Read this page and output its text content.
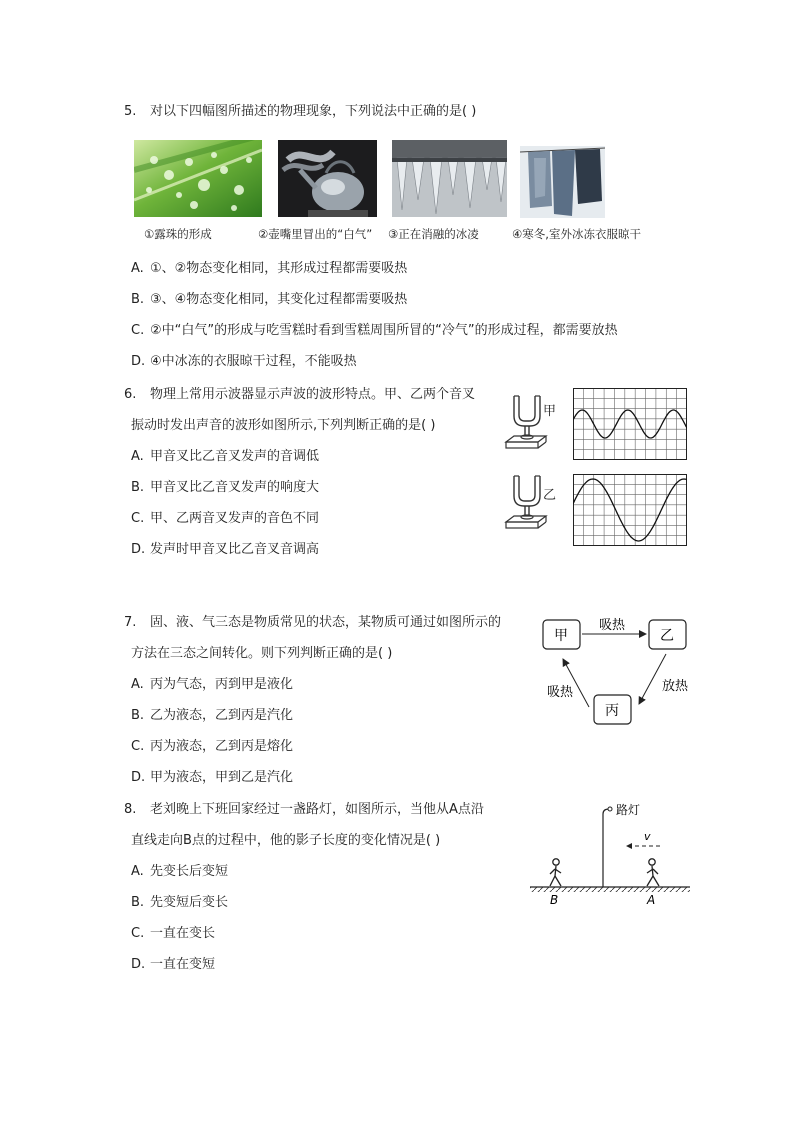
5. 对以下四幅图所描述的物理现象，下列说法中正确的是( )
①露珠的形成	②壶嘴里冒出的“白气” ③正在消融的冰凌	④寒冬,室外冰冻衣服晾干
A. ①、②物态变化相同，其形成过程都需要吸热
B. ③、④物态变化相同，其变化过程都需要吸热
C. ②中“白气”的形成与吃雪糕时看到雪糕周围所冒的“冷气”的形成过程，都需要放热
D. ④中冰冻的衣服晾干过程，不能吸热
6. 物理上常用示波器显示声波的波形特点。甲、乙两个音叉
振动时发出声音的波形如图所示,下列判断正确的是( )
甲
乙
A. 甲音叉比乙音叉发声的音调低
B. 甲音叉比乙音叉发声的响度大
C. 甲、乙两音叉发声的音色不同
D. 发声时甲音叉比乙音叉音调高
7. 固、液、气三态是物质常见的状态，某物质可通过如图所示的
方法在三态之间转化。则下列判断正确的是( )
甲	乙
丙
吸热
放热
吸热
A. 丙为气态，丙到甲是液化
B. 乙为液态，乙到丙是汽化
C. 丙为液态，乙到丙是熔化
D. 甲为液态，甲到乙是汽化
8. 老刘晚上下班回家经过一盏路灯，如图所示，当他从A点沿
直线走向B点的过程中，他的影子长度的变化情况是( )
路灯
v
B	A
A. 先变长后变短
B. 先变短后变长
C. 一直在变长
D. 一直在变短
